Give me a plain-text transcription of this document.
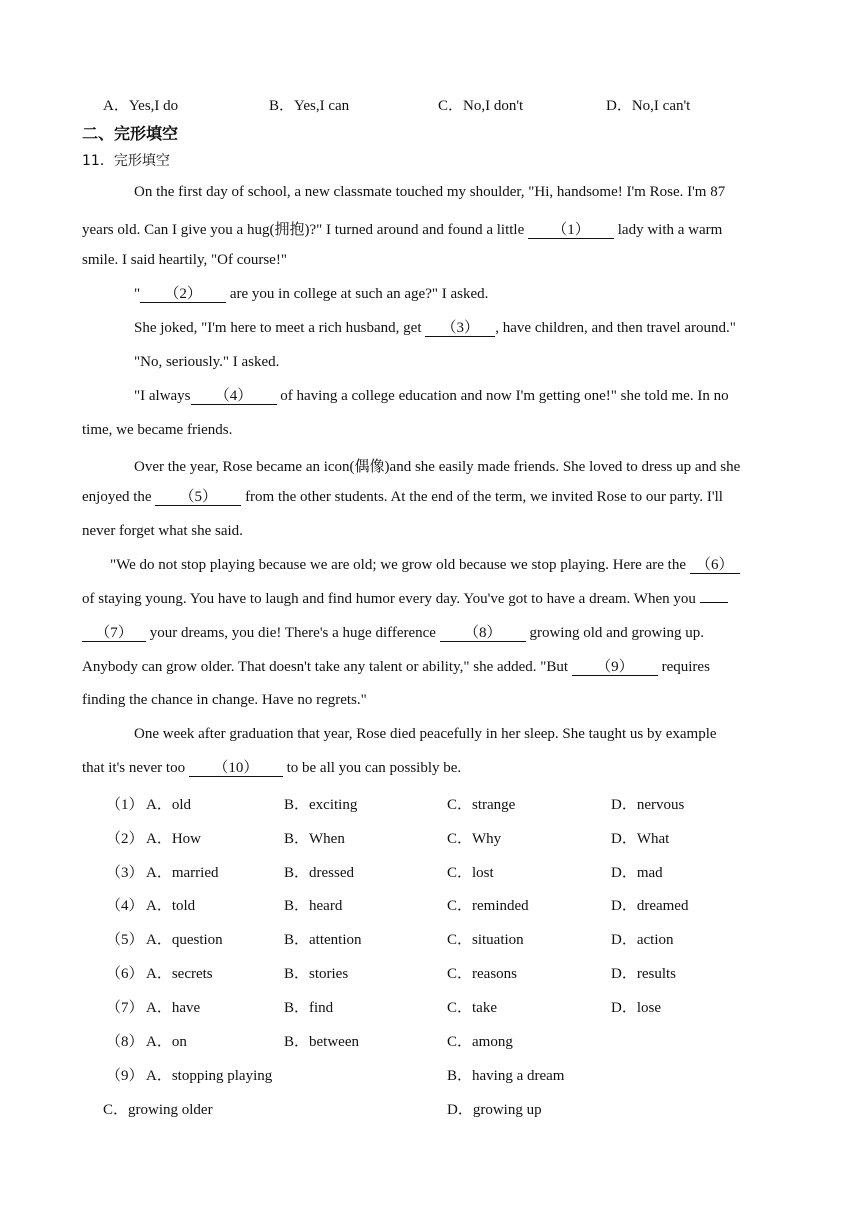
A．Yes,I do	B．Yes,I can	C．No,I don't	D．No,I can't
二、完形填空
11．完形填空
On the first day of school, a new classmate touched my shoulder, "Hi, handsome! I'm Rose. I'm 87
years old. Can I give you a hug(拥抱)?" I turned around and found a little （1） lady with a warm
smile. I said heartily, "Of course!"
" （2） are you in college at such an age?" I asked.
She joked, "I'm here to meet a rich husband, get （3） , have children, and then travel around."
"No, seriously." I asked.
"I always （4） of having a college education and now I'm getting one!" she told me. In no
time, we became friends.
Over the year, Rose became an icon(偶像)and she easily made friends. She loved to dress up and she
enjoyed the （5） from the other students. At the end of the term, we invited Rose to our party. I'll
never forget what she said.
"We do not stop playing because we are old; we grow old because we stop playing. Here are the （6）
of staying young. You have to laugh and find humor every day. You've got to have a dream. When you
（7） your dreams, you die! There's a huge difference （8） growing old and growing up.
Anybody can grow older. That doesn't take any talent or ability," she added. "But （9） requires
finding the chance in change. Have no regrets."
One week after graduation that year, Rose died peacefully in her sleep. She taught us by example
that it's never too （10） to be all you can possibly be.
（1） A．old	B．exciting	C．strange	D．nervous
（2） A．How	B．When	C．Why	D．What
（3） A．married	B．dressed	C．lost	D．mad
（4） A．told	B．heard	C．reminded	D．dreamed
（5） A．question	B．attention	C．situation	D．action
（6） A．secrets	B．stories	C．reasons	D．results
（7） A．have	B．find	C．take	D．lose
（8） A．on	B．between	C．among
（9） A．stopping playing	B．having a dream
C．growing older	D．growing up
